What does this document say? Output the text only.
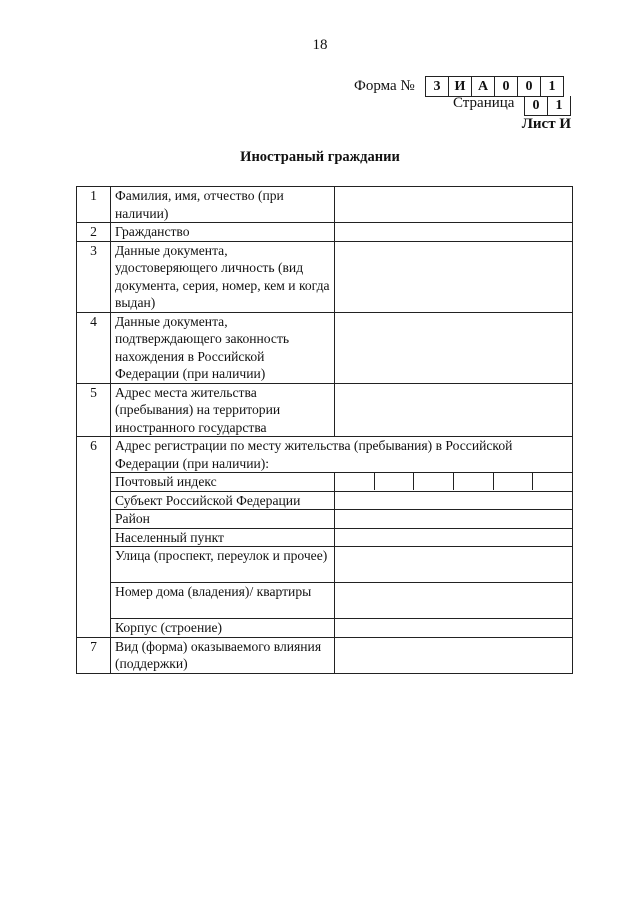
18
Форма №	3	И А	0	0	1
Страница	0	1
Лист И
Иностраный граждании
1	Фамилия, имя, отчество (при наличии)	
2	Гражданство	
3	Данные документа, удостоверяющего личность (вид документа, серия, номер, кем и когда выдан)	
4	Данные документа, подтверждающего законность нахождения в Российской Федерации (при наличии)	
5	Адрес места жительства (пребывания) на территории иностранного государства	
6	Адрес регистрации по месту жительства (пребывания) в Российской Федерации (при наличии):	
	Почтовый индекс	

	Субъект Российской Федерации	
	Район	
	Населенный пункт	
	Улица (проспект, переулок и прочее)	
	Номер дома (владения)/ квартиры	
	Корпус (строение)	
7	Вид (форма) оказываемого влияния (поддержки)	
